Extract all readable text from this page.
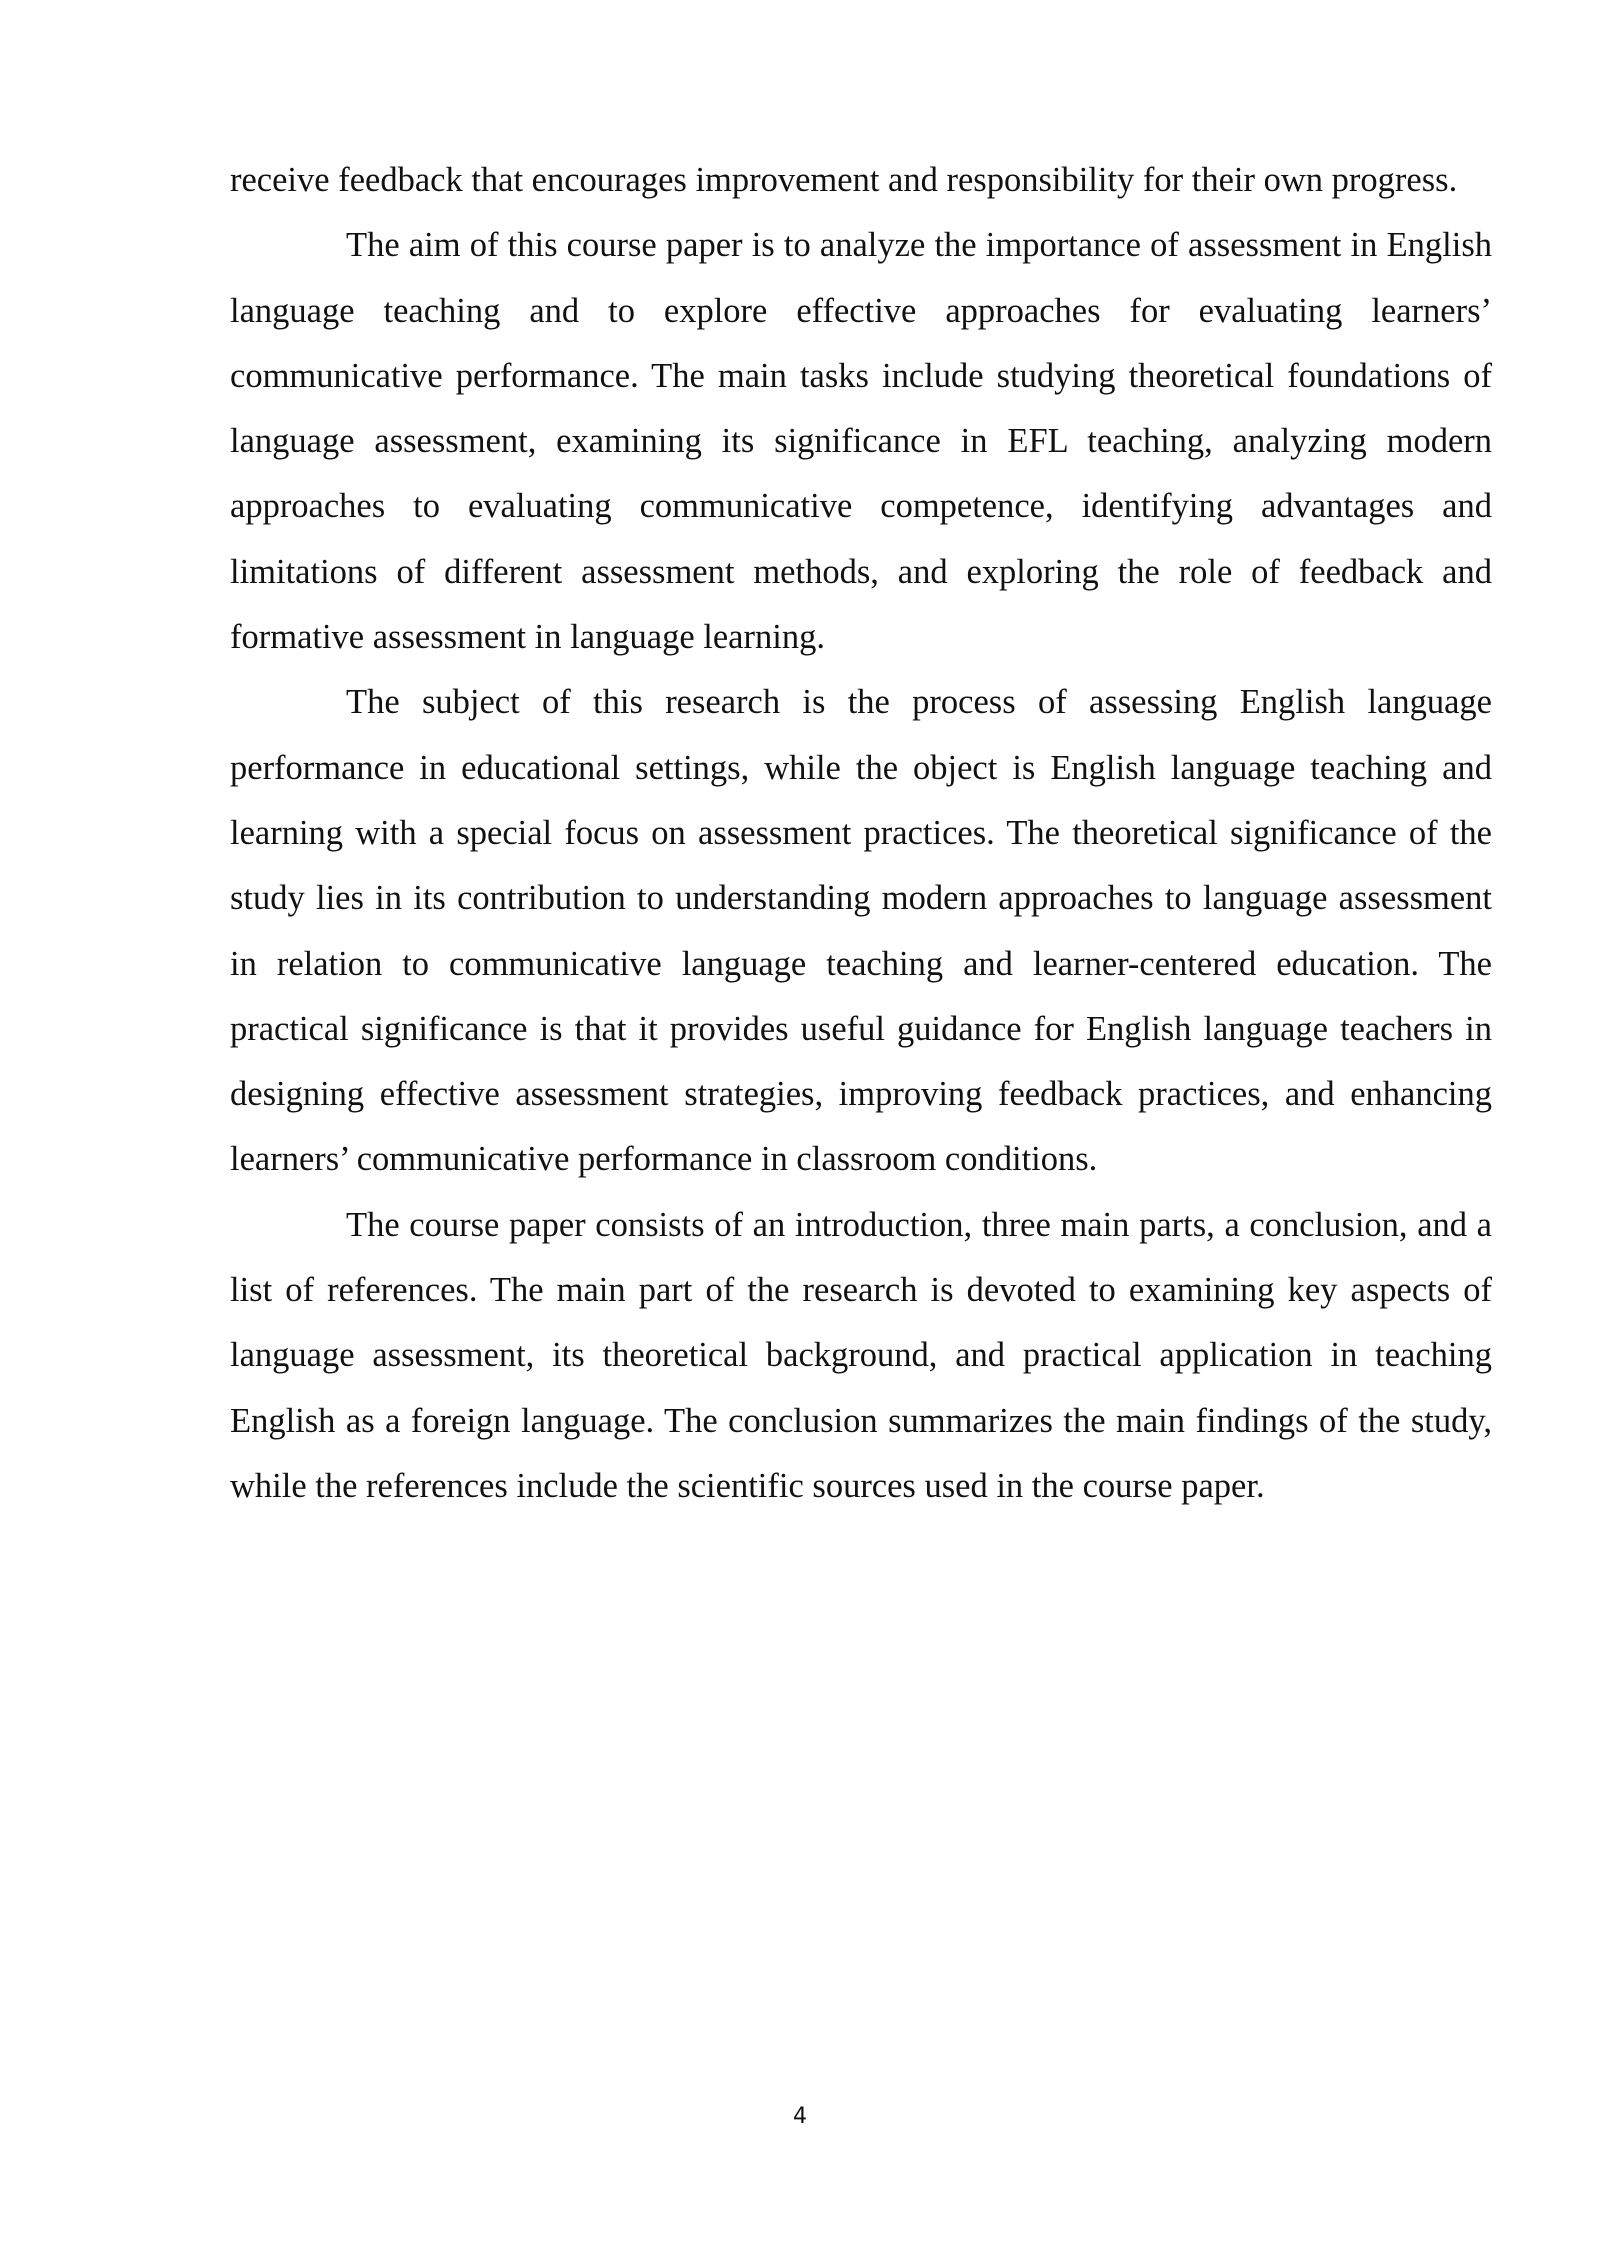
receive feedback that encourages improvement and responsibility for their own progress.

The aim of this course paper is to analyze the importance of assessment in English language teaching and to explore effective approaches for evaluating learners’ communicative performance. The main tasks include studying theoretical foundations of language assessment, examining its significance in EFL teaching, analyzing modern approaches to evaluating communicative competence, identifying advantages and limitations of different assessment methods, and exploring the role of feedback and formative assessment in language learning.

The subject of this research is the process of assessing English language performance in educational settings, while the object is English language teaching and learning with a special focus on assessment practices. The theoretical significance of the study lies in its contribution to understanding modern approaches to language assessment in relation to communicative language teaching and learner-centered education. The practical significance is that it provides useful guidance for English language teachers in designing effective assessment strategies, improving feedback practices, and enhancing learners’ communicative performance in classroom conditions.

The course paper consists of an introduction, three main parts, a conclusion, and a list of references. The main part of the research is devoted to examining key aspects of language assessment, its theoretical background, and practical application in teaching English as a foreign language. The conclusion summarizes the main findings of the study, while the references include the scientific sources used in the course paper.

4
